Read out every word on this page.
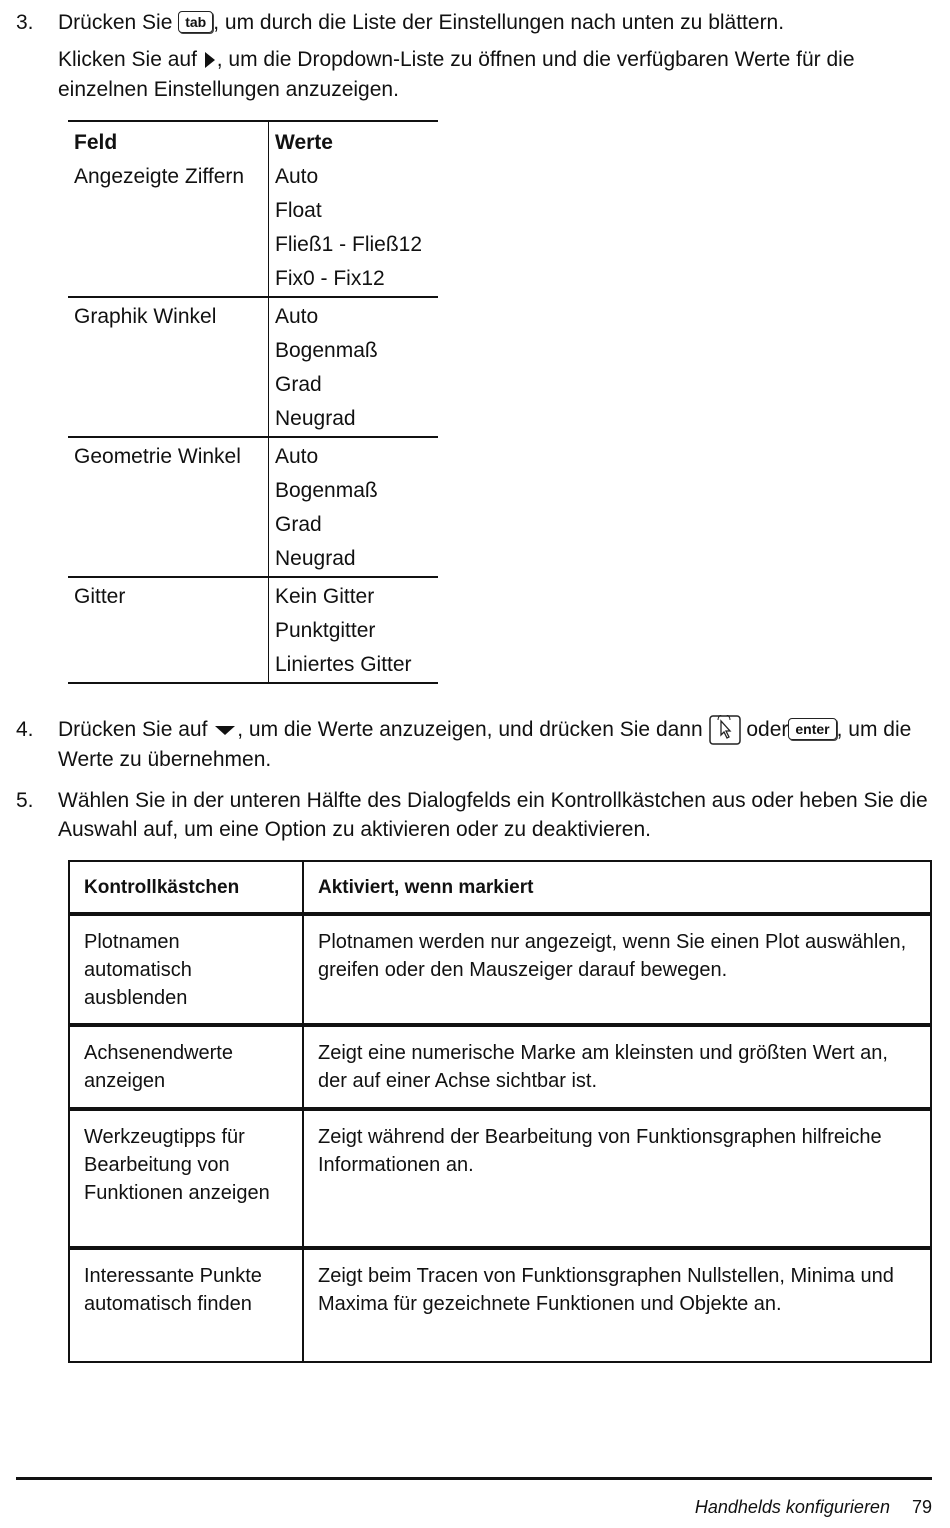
3. Drücken Sie tab , um durch die Liste der Einstellungen nach unten zu blättern.
Klicken Sie auf , um die Dropdown-Liste zu öffnen und die verfügbaren Werte für die einzelnen Einstellungen anzuzeigen.
Feld	Werte
Angezeigte Ziffern	Auto
Float
Fließ1 - Fließ12
Fix0 - Fix12

Graphik Winkel	Auto
Bogenmaß
Grad
Neugrad

Geometrie Winkel	Auto
Bogenmaß
Grad
Neugrad

Gitter	Kein Gitter
Punktgitter
Liniertes Gitter
4. Drücken Sie auf , um die Werte anzuzeigen, und drücken Sie dann  oder enter , um die Werte zu übernehmen.
5. Wählen Sie in der unteren Hälfte des Dialogfelds ein Kontrollkästchen aus oder heben Sie die Auswahl auf, um eine Option zu aktivieren oder zu deaktivieren.
Kontrollkästchen	Aktiviert, wenn markiert
Plotnamen automatisch ausblenden	Plotnamen werden nur angezeigt, wenn Sie einen Plot auswählen, greifen oder den Mauszeiger darauf bewegen.
Achsenendwerte anzeigen	Zeigt eine numerische Marke am kleinsten und größten Wert an, der auf einer Achse sichtbar ist.
Werkzeugtipps für Bearbeitung von Funktionen anzeigen	Zeigt während der Bearbeitung von Funktionsgraphen hilfreiche Informationen an.
Interessante Punkte automatisch finden	Zeigt beim Tracen von Funktionsgraphen Nullstellen, Minima und Maxima für gezeichnete Funktionen und Objekte an.
Handhelds konfigurieren 79
